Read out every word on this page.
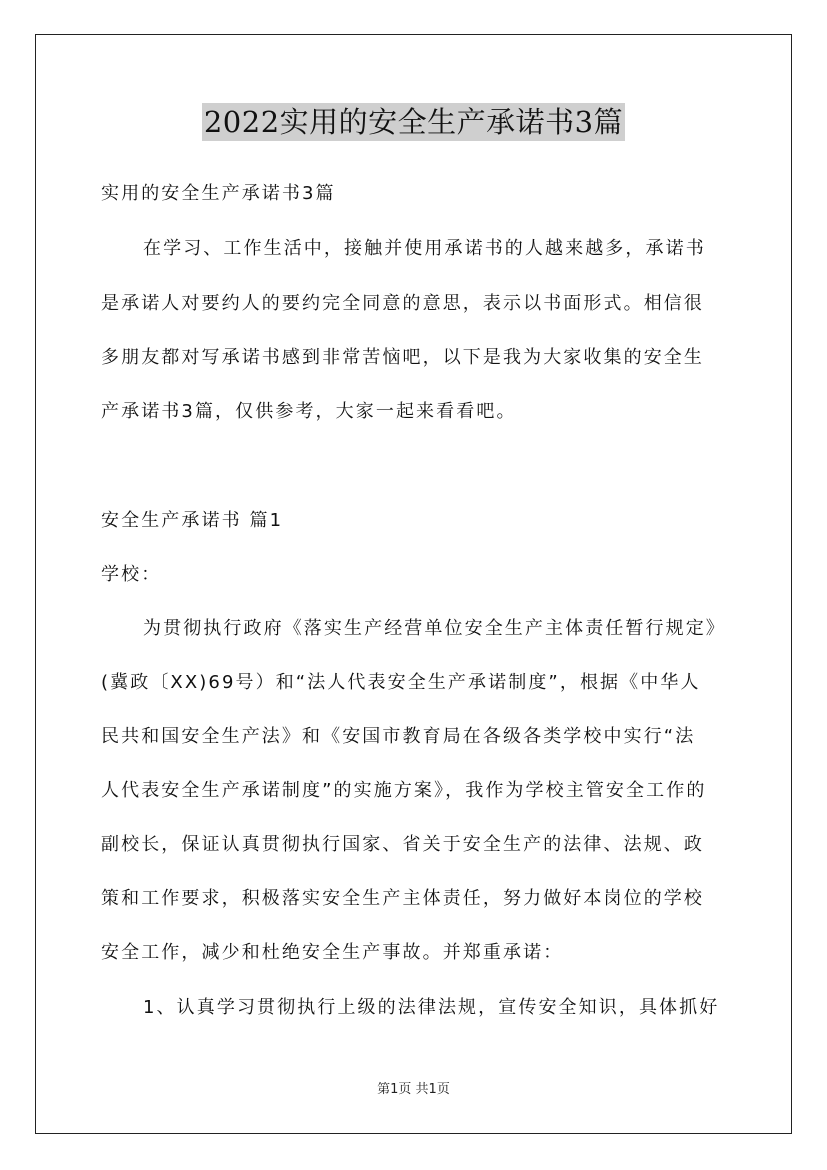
2022实用的安全生产承诺书3篇
实用的安全生产承诺书3篇
在学习、工作生活中，接触并使用承诺书的人越来越多，承诺书
是承诺人对要约人的要约完全同意的意思，表示以书面形式。相信很
多朋友都对写承诺书感到非常苦恼吧，以下是我为大家收集的安全生
产承诺书3篇，仅供参考，大家一起来看看吧。
安全生产承诺书 篇1
学校：
为贯彻执行政府《落实生产经营单位安全生产主体责任暂行规定》
(冀政〔XX)69号）和“法人代表安全生产承诺制度”，根据《中华人
民共和国安全生产法》和《安国市教育局在各级各类学校中实行“法
人代表安全生产承诺制度”的实施方案》，我作为学校主管安全工作的
副校长，保证认真贯彻执行国家、省关于安全生产的法律、法规、政
策和工作要求，积极落实安全生产主体责任，努力做好本岗位的学校
安全工作，减少和杜绝安全生产事故。并郑重承诺：
1、认真学习贯彻执行上级的法律法规，宣传安全知识，具体抓好
第1页 共1页
